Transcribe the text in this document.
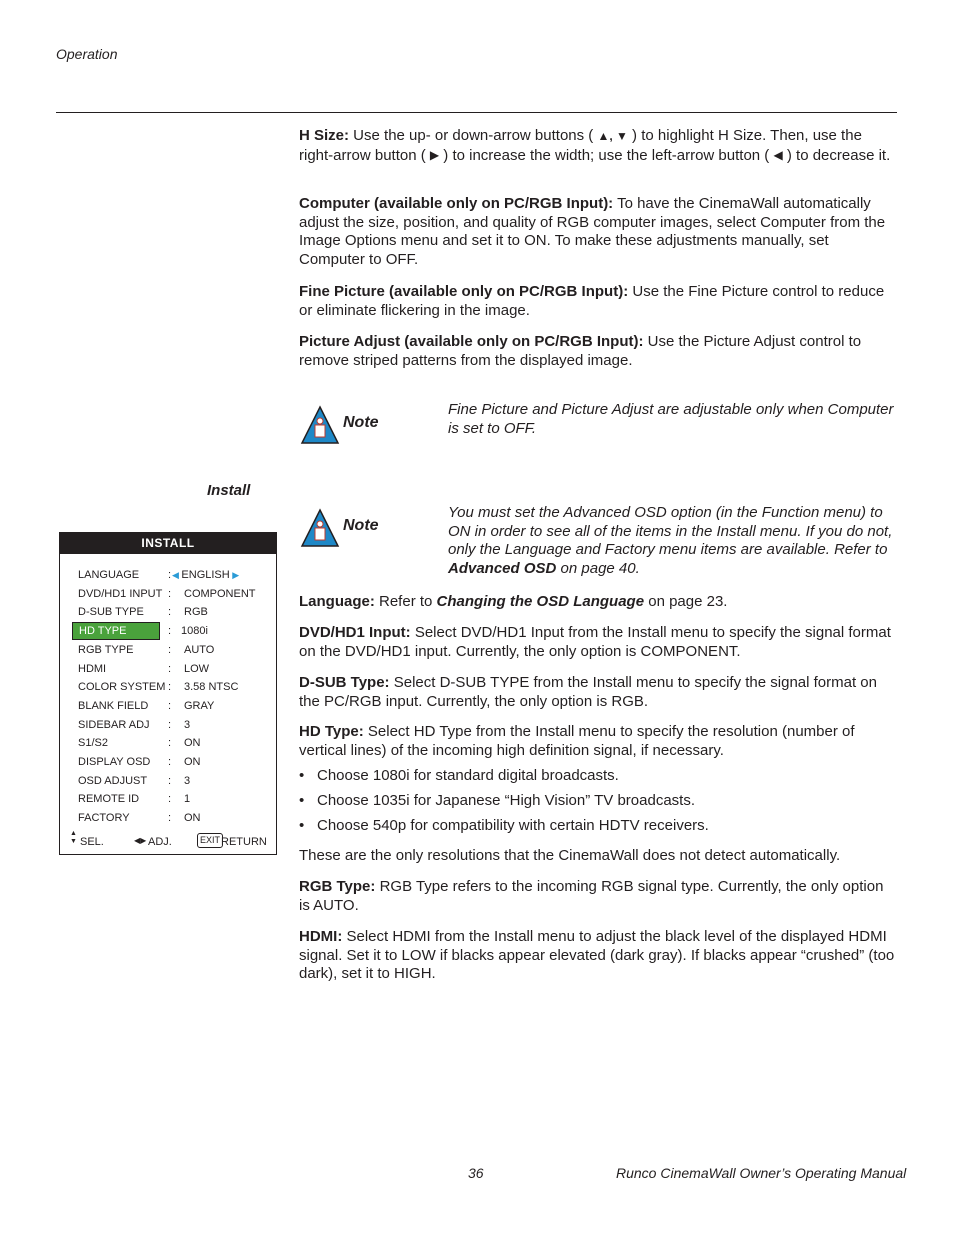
Operation
H Size: Use the up- or down-arrow buttons ( ▲, ▼ ) to highlight H Size. Then, use the right-arrow button ( ▶ ) to increase the width; use the left-arrow button ( ◀ ) to decrease it.
Computer (available only on PC/RGB Input): To have the CinemaWall automatically adjust the size, position, and quality of RGB computer images, select Computer from the Image Options menu and set it to ON. To make these adjustments manually, set Computer to OFF.
Fine Picture (available only on PC/RGB Input): Use the Fine Picture control to reduce or eliminate flickering in the image.
Picture Adjust (available only on PC/RGB Input): Use the Picture Adjust control to remove striped patterns from the displayed image.
Note
Fine Picture and Picture Adjust are adjustable only when Computer is set to OFF.
Install
Note
You must set the Advanced OSD option (in the Function menu) to ON in order to see all of the items in the Install menu. If you do not, only the Language and Factory menu items are available. Refer to Advanced OSD on page 40.
INSTALL
LANGUAGE	: ◀ ENGLISH ▶
DVD/HD1 INPUT : COMPONENT
D-SUB TYPE : RGB
HD TYPE	: 1080i
RGB TYPE	: AUTO
HDMI	: LOW
COLOR SYSTEM : 3.58 NTSC
BLANK FIELD : GRAY
SIDEBAR ADJ : 3
S1/S2	: ON
DISPLAY OSD : ON
OSD ADJUST : 3
REMOTE ID	: 1
FACTORY	: ON
▲▼ SEL.	◀▶ ADJ.	EXIT RETURN
Language: Refer to Changing the OSD Language on page 23.
DVD/HD1 Input: Select DVD/HD1 Input from the Install menu to specify the signal format on the DVD/HD1 input. Currently, the only option is COMPONENT.
D-SUB Type: Select D-SUB TYPE from the Install menu to specify the signal format on the PC/RGB input. Currently, the only option is RGB.
HD Type: Select HD Type from the Install menu to specify the resolution (number of vertical lines) of the incoming high definition signal, if necessary.
• Choose 1080i for standard digital broadcasts.
• Choose 1035i for Japanese “High Vision” TV broadcasts.
• Choose 540p for compatibility with certain HDTV receivers.
These are the only resolutions that the CinemaWall does not detect automatically.
RGB Type: RGB Type refers to the incoming RGB signal type. Currently, the only option is AUTO.
HDMI: Select HDMI from the Install menu to adjust the black level of the displayed HDMI signal. Set it to LOW if blacks appear elevated (dark gray). If blacks appear “crushed” (too dark), set it to HIGH.
36	Runco CinemaWall Owner’s Operating Manual
